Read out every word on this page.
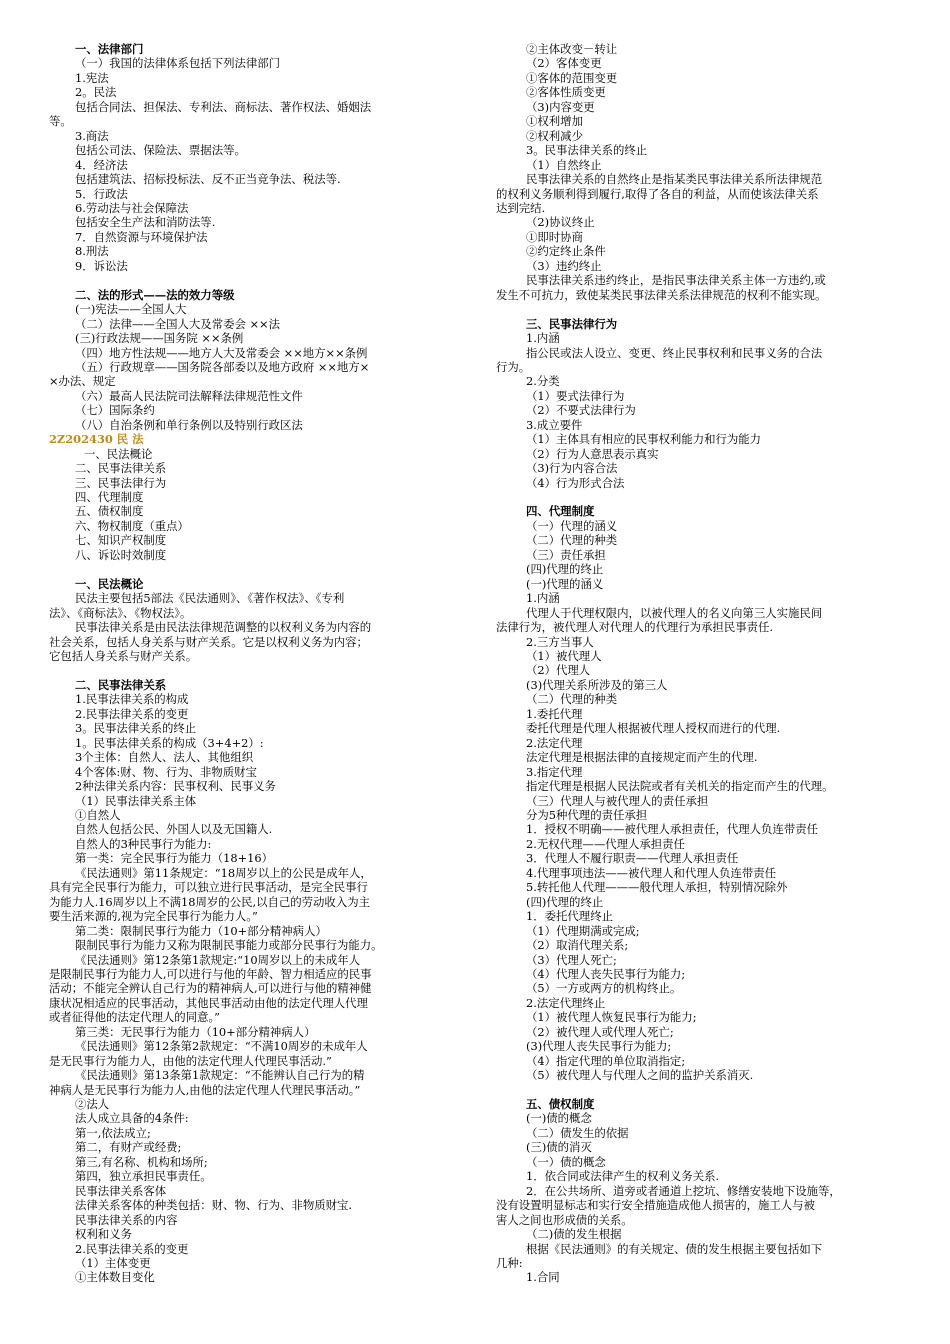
一、法律部门
（一）我国的法律体系包括下列法律部门
1.宪法
2。民法
包括合同法、担保法、专利法、商标法、著作权法、婚姻法
等。
3.商法
包括公司法、保险法、票据法等。
4．经济法
包括建筑法、招标投标法、反不正当竞争法、税法等.
5．行政法
6.劳动法与社会保障法
包括安全生产法和消防法等.
7．自然资源与环境保护法
8.刑法
9．诉讼法
二、法的形式——法的效力等级
(一)宪法——全国人大
（二）法律——全国人大及常委会 ××法
(三)行政法规——国务院 ××条例
（四）地方性法规——地方人大及常委会 ××地方××条例
（五）行政规章——国务院各部委以及地方政府 ××地方×
×办法、规定
（六）最高人民法院司法解释法律规范性文件
（七）国际条约
（八）自治条例和单行条例以及特别行政区法
2Z202430 民 法
一、民法概论
二、民事法律关系
三、民事法律行为
四、代理制度
五、债权制度
六、物权制度（重点）
七、知识产权制度
八、诉讼时效制度
一、民法概论
民法主要包括5部法《民法通则》、《著作权法》、《专利
法》、《商标法》、《物权法》。
民事法律关系是由民法法律规范调整的以权利义务为内容的
社会关系，包括人身关系与财产关系。它是以权利义务为内容；
它包括人身关系与财产关系。
二、民事法律关系
1.民事法律关系的构成
2.民事法律关系的变更
3。民事法律关系的终止
1。民事法律关系的构成（3+4+2）:
3个主体：自然人、法人、其他组织
4个客体:财、物、行为、非物质财宝
2种法律关系内容：民事权利、民事义务
（1）民事法律关系主体
①自然人
自然人包括公民、外国人以及无国籍人.
自然人的3种民事行为能力:
第一类：完全民事行为能力（18+16）
《民法通则》第11条规定：“18周岁以上的公民是成年人，
具有完全民事行为能力，可以独立进行民事活动，是完全民事行
为能力人.16周岁以上不满18周岁的公民,以自己的劳动收入为主
要生活来源的,视为完全民事行为能力人。”
第二类：限制民事行为能力（10+部分精神病人）
限制民事行为能力又称为限制民事能力或部分民事行为能力。
《民法通则》第12条第1款规定:“10周岁以上的未成年人
是限制民事行为能力人,可以进行与他的年龄、智力相适应的民事
活动；不能完全辨认自己行为的精神病人,可以进行与他的精神健
康状况相适应的民事活动，其他民事活动由他的法定代理人代理
或者征得他的法定代理人的同意。”
第三类：无民事行为能力（10+部分精神病人）
《民法通则》第12条第2款规定：“不满10周岁的未成年人
是无民事行为能力人，由他的法定代理人代理民事活动.”
《民法通则》第13条第1款规定：“不能辨认自己行为的精
神病人是无民事行为能力人,由他的法定代理人代理民事活动。”
②法人
法人成立具备的4条件:
第一,依法成立;
第二，有财产或经费;
第三,有名称、机构和场所;
第四，独立承担民事责任。
民事法律关系客体
法律关系客体的种类包括：财、物、行为、非物质财宝.
民事法律关系的内容
权利和义务
2.民事法律关系的变更
（1）主体变更
①主体数目变化
②主体改变－转让
（2）客体变更
①客体的范围变更
②客体性质变更
（3)内容变更
①权利增加
②权利减少
3。民事法律关系的终止
（1）自然终止
民事法律关系的自然终止是指某类民事法律关系所法律规范
的权利义务顺利得到履行,取得了各自的利益，从而使该法律关系
达到完结.
（2)协议终止
①即时协商
②约定终止条件
（3）违约终止
民事法律关系违约终止，是指民事法律关系主体一方违约,或
发生不可抗力，致使某类民事法律关系法律规范的权利不能实现。
三、民事法律行为
1.内涵
指公民或法人设立、变更、终止民事权利和民事义务的合法
行为。
2.分类
（1）要式法律行为
（2）不要式法律行为
3.成立要件
（1）主体具有相应的民事权利能力和行为能力
（2）行为人意思表示真实
（3)行为内容合法
（4）行为形式合法
四、代理制度
（一）代理的涵义
（二）代理的种类
（三）责任承担
(四)代理的终止
(一)代理的涵义
1.内涵
代理人于代理权限内，以被代理人的名义向第三人实施民间
法律行为，被代理人对代理人的代理行为承担民事责任.
2.三方当事人
（1）被代理人
（2）代理人
(3)代理关系所涉及的第三人
（二）代理的种类
1.委托代理
委托代理是代理人根据被代理人授权而进行的代理.
2.法定代理
法定代理是根据法律的直接规定而产生的代理.
3.指定代理
指定代理是根据人民法院或者有关机关的指定而产生的代理。
（三）代理人与被代理人的责任承担
分为5种代理的责任承担
1．授权不明确——被代理人承担责任，代理人负连带责任
2.无权代理——代理人承担责任
3．代理人不履行职责——代理人承担责任
4.代理事项违法——被代理人和代理人负连带责任
5.转托他人代理———般代理人承担，特别情况除外
(四)代理的终止
1．委托代理终止
（1）代理期满或完成;
（2）取消代理关系;
（3）代理人死亡;
（4）代理人丧失民事行为能力;
（5）一方或两方的机构终止。
2.法定代理终止
（1）被代理人恢复民事行为能力;
（2）被代理人或代理人死亡;
(3)代理人丧失民事行为能力;
（4）指定代理的单位取消指定;
（5）被代理人与代理人之间的监护关系消灭.
五、债权制度
(一)债的概念
（二）债发生的依据
(三)债的消灭
（一）债的概念
1．依合同或法律产生的权利义务关系.
2．在公共场所、道旁或者通道上挖坑、修缮安装地下设施等，
没有设置明显标志和实行安全措施造成他人损害的，施工人与被
害人之间也形成债的关系。
（二)债的发生根据
根据《民法通则》的有关规定、债的发生根据主要包括如下
几种:
1.合同
